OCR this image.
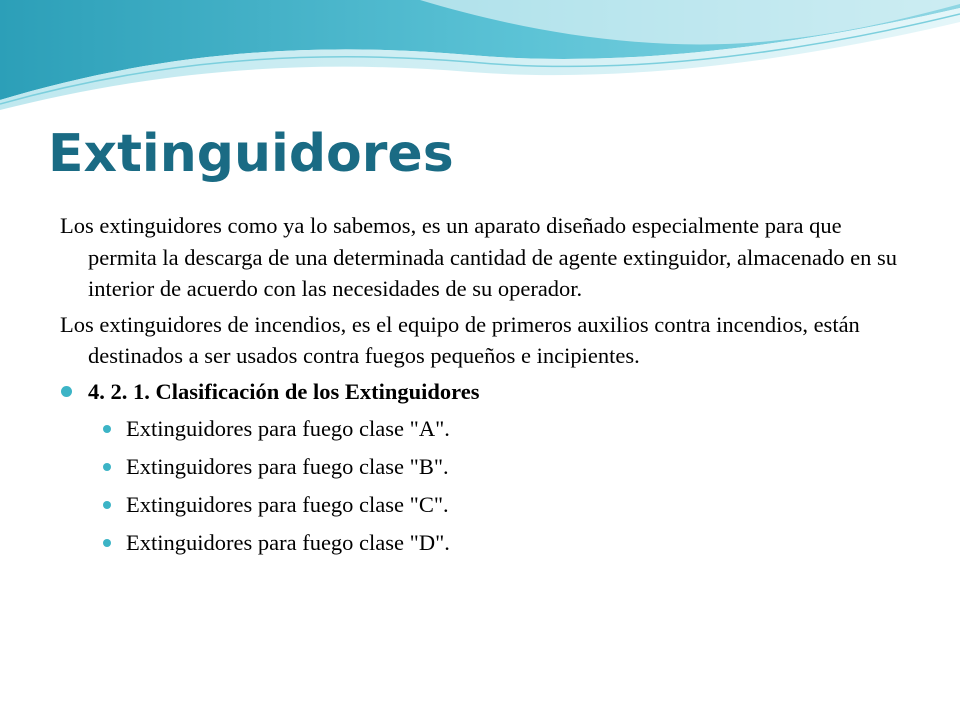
Extinguidores

Los extinguidores como ya lo sabemos, es un aparato diseñado especialmente para que permita la descarga de una determinada cantidad de agente extinguidor, almacenado en su interior de acuerdo con las necesidades de su operador.

Los extinguidores de incendios, es el equipo de primeros auxilios contra incendios, están destinados a ser usados contra fuegos pequeños e incipientes.

4. 2. 1. Clasificación de los Extinguidores
Extinguidores para fuego clase "A".
Extinguidores para fuego clase "B".
Extinguidores para fuego clase "C".
Extinguidores para fuego clase "D".
